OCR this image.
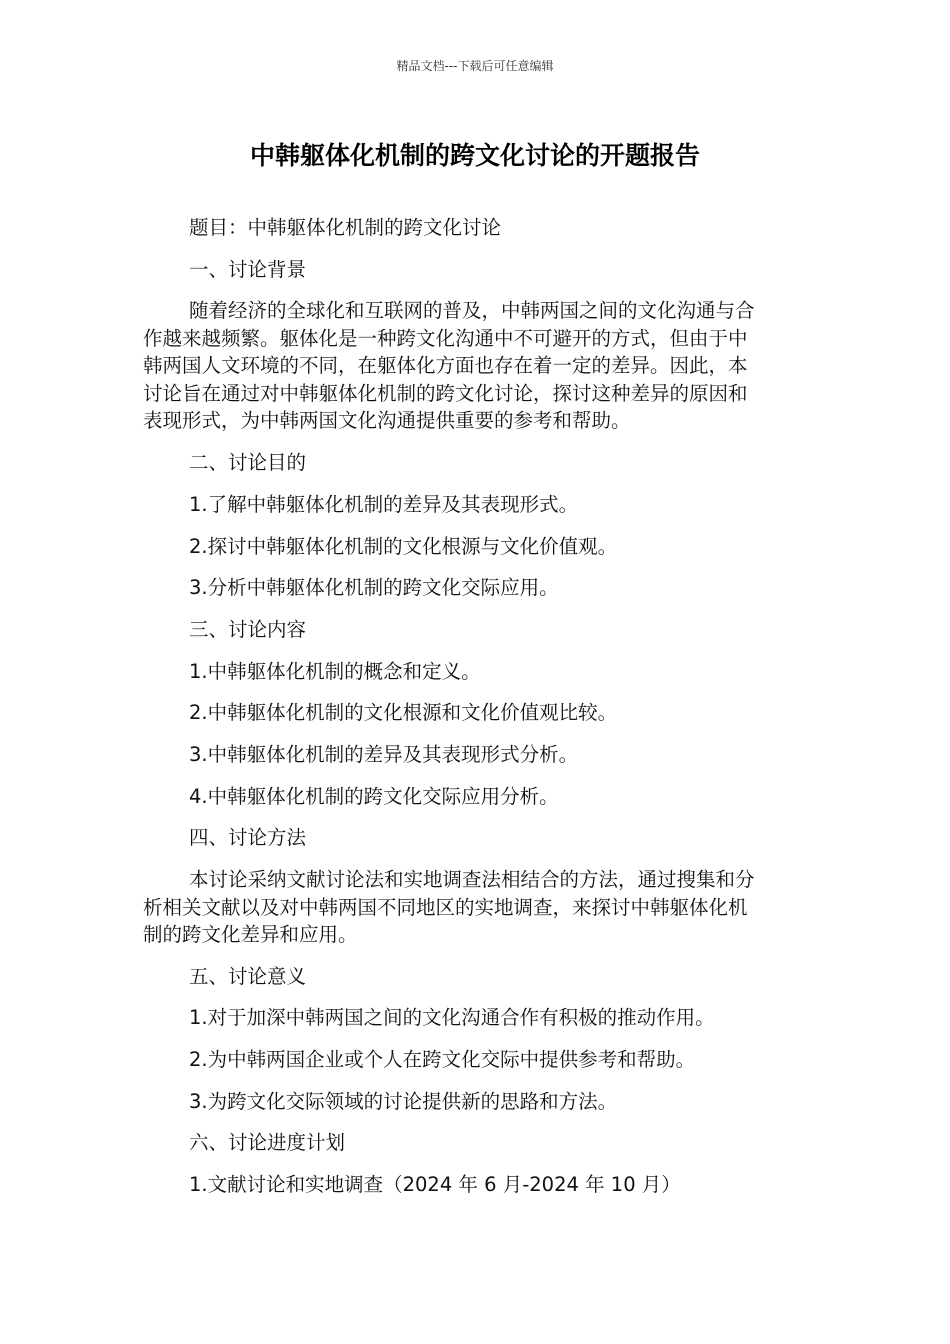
精品文档---下载后可任意编辑
中韩躯体化机制的跨文化讨论的开题报告
题目：中韩躯体化机制的跨文化讨论
一、讨论背景
随着经济的全球化和互联网的普及，中韩两国之间的文化沟通与合
作越来越频繁。躯体化是一种跨文化沟通中不可避开的方式，但由于中
韩两国人文环境的不同，在躯体化方面也存在着一定的差异。因此，本
讨论旨在通过对中韩躯体化机制的跨文化讨论，探讨这种差异的原因和
表现形式，为中韩两国文化沟通提供重要的参考和帮助。
二、讨论目的
1.了解中韩躯体化机制的差异及其表现形式。
2.探讨中韩躯体化机制的文化根源与文化价值观。
3.分析中韩躯体化机制的跨文化交际应用。
三、讨论内容
1.中韩躯体化机制的概念和定义。
2.中韩躯体化机制的文化根源和文化价值观比较。
3.中韩躯体化机制的差异及其表现形式分析。
4.中韩躯体化机制的跨文化交际应用分析。
四、讨论方法
本讨论采纳文献讨论法和实地调查法相结合的方法，通过搜集和分
析相关文献以及对中韩两国不同地区的实地调查，来探讨中韩躯体化机
制的跨文化差异和应用。
五、讨论意义
1.对于加深中韩两国之间的文化沟通合作有积极的推动作用。
2.为中韩两国企业或个人在跨文化交际中提供参考和帮助。
3.为跨文化交际领域的讨论提供新的思路和方法。
六、讨论进度计划
1.文献讨论和实地调查（2024 年 6 月-2024 年 10 月）
